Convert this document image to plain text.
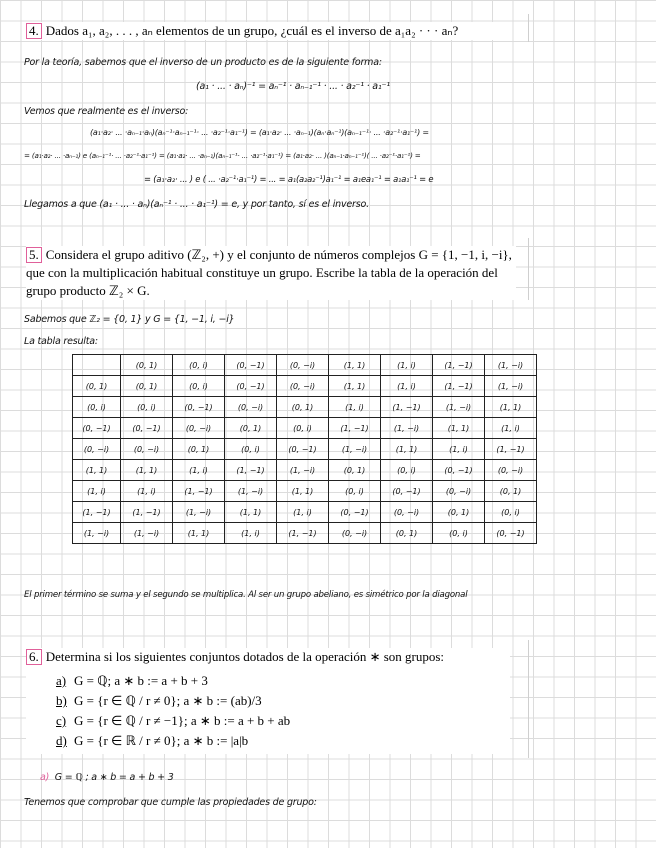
4. Dados a₁, a₂, . . . , aₙ elementos de un grupo, ¿cuál es el inverso de a₁a₂ · · · aₙ?
Por la teoría, sabemos que el inverso de un producto es de la siguiente forma:
(a₁ · ... · aₙ)⁻¹ = aₙ⁻¹ · aₙ₋₁⁻¹ · ... · a₂⁻¹ · a₁⁻¹
Vemos que realmente es el inverso:
(a₁·a₂· ... ·aₙ₋₁·aₙ)(aₙ⁻¹·aₙ₋₁⁻¹· ... ·a₂⁻¹·a₁⁻¹) = (a₁·a₂· ... ·aₙ₋₁)(aₙ·aₙ⁻¹)(aₙ₋₁⁻¹· ... ·a₂⁻¹·a₁⁻¹) =
= (a₁·a₂· ... ·aₙ₋₁) e (aₙ₋₁⁻¹· ... ·a₂⁻¹·a₁⁻¹) = (a₁·a₂· ... ·aₙ₋₁)(aₙ₋₁⁻¹· ... ·a₂⁻¹·a₁⁻¹) = (a₁·a₂· ... )(aₙ₋₁·aₙ₋₁⁻¹)( ... ·a₂⁻¹·a₁⁻¹) =
= (a₁·a₂· ... ) e ( ... ·a₂⁻¹·a₁⁻¹) = ... = a₁(a₂a₂⁻¹)a₁⁻¹ = a₁ea₁⁻¹ = a₁a₁⁻¹ = e
Llegamos a que (a₁ · ... · aₙ)(aₙ⁻¹ · ... · a₁⁻¹) = e, y por tanto, sí es el inverso.
5. Considera el grupo aditivo (ℤ₂, +) y el conjunto de números complejos G = {1, −1, i, −i}, que con la multiplicación habitual constituye un grupo. Escribe la tabla de la operación del grupo producto ℤ₂ × G.
Sabemos que ℤ₂ = {0, 1} y G = {1, −1, i, −i}
La tabla resulta:
	(0, 1)	(0, i)	(0, −1)	(0, −i)	(1, 1)	(1, i)	(1, −1)	(1, −i)
(0, 1)	(0, 1)	(0, i)	(0, −1)	(0, −i)	(1, 1)	(1, i)	(1, −1)	(1, −i)
(0, i)	(0, i)	(0, −1)	(0, −i)	(0, 1)	(1, i)	(1, −1)	(1, −i)	(1, 1)
(0, −1)	(0, −1)	(0, −i)	(0, 1)	(0, i)	(1, −1)	(1, −i)	(1, 1)	(1, i)
(0, −i)	(0, −i)	(0, 1)	(0, i)	(0, −1)	(1, −i)	(1, 1)	(1, i)	(1, −1)
(1, 1)	(1, 1)	(1, i)	(1, −1)	(1, −i)	(0, 1)	(0, i)	(0, −1)	(0, −i)
(1, i)	(1, i)	(1, −1)	(1, −i)	(1, 1)	(0, i)	(0, −1)	(0, −i)	(0, 1)
(1, −1)	(1, −1)	(1, −i)	(1, 1)	(1, i)	(0, −1)	(0, −i)	(0, 1)	(0, i)
(1, −i)	(1, −i)	(1, 1)	(1, i)	(1, −1)	(0, −i)	(0, 1)	(0, i)	(0, −1)
El primer término se suma y el segundo se multiplica. Al ser un grupo abeliano, es simétrico por la diagonal
6. Determina si los siguientes conjuntos dotados de la operación ∗ son grupos:
a) G = ℚ; a ∗ b := a + b + 3
b) G = {r ∈ ℚ / r ≠ 0}; a ∗ b := (ab)/3
c) G = {r ∈ ℚ / r ≠ −1}; a ∗ b := a + b + ab
d) G = {r ∈ ℝ / r ≠ 0}; a ∗ b := |a|b
a) G = ℚ ; a ∗ b = a + b + 3
Tenemos que comprobar que cumple las propiedades de grupo:
